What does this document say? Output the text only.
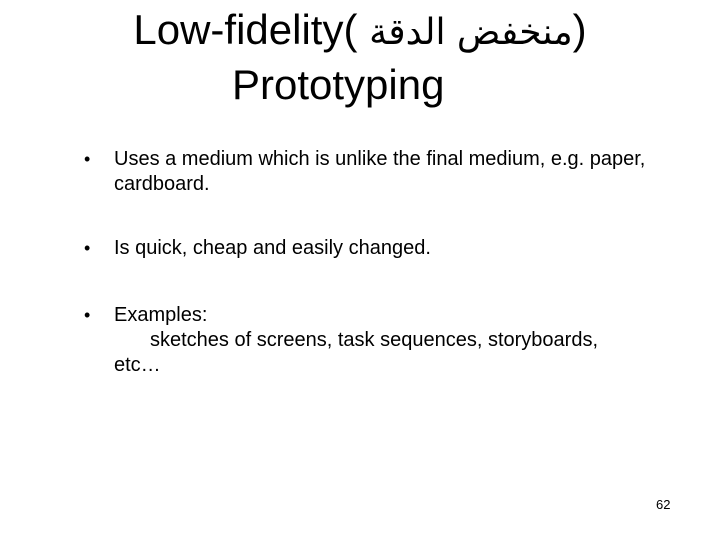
Low-fidelity( منخفض الدقة)
Prototyping
• Uses a medium which is unlike the final medium, e.g. paper, cardboard.
• Is quick, cheap and easily changed.
• Examples:
sketches of screens, task sequences, storyboards,
etc…
62
